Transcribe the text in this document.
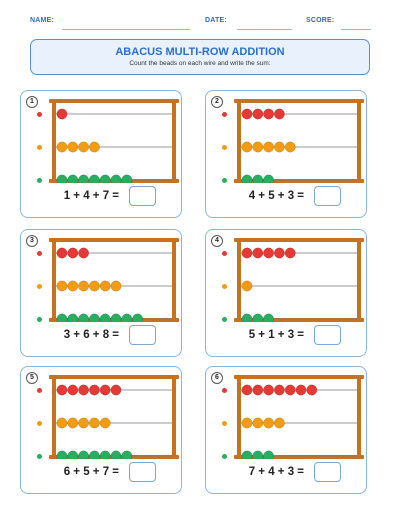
NAME:	DATE:	SCORE:
ABACUS MULTI-ROW ADDITION
Count the beads on each wire and write the sum:
1
1 + 4 + 7 =
2
4 + 5 + 3 =
3
3 + 6 + 8 =
4
5 + 1 + 3 =
5
6 + 5 + 7 =
6
7 + 4 + 3 =
